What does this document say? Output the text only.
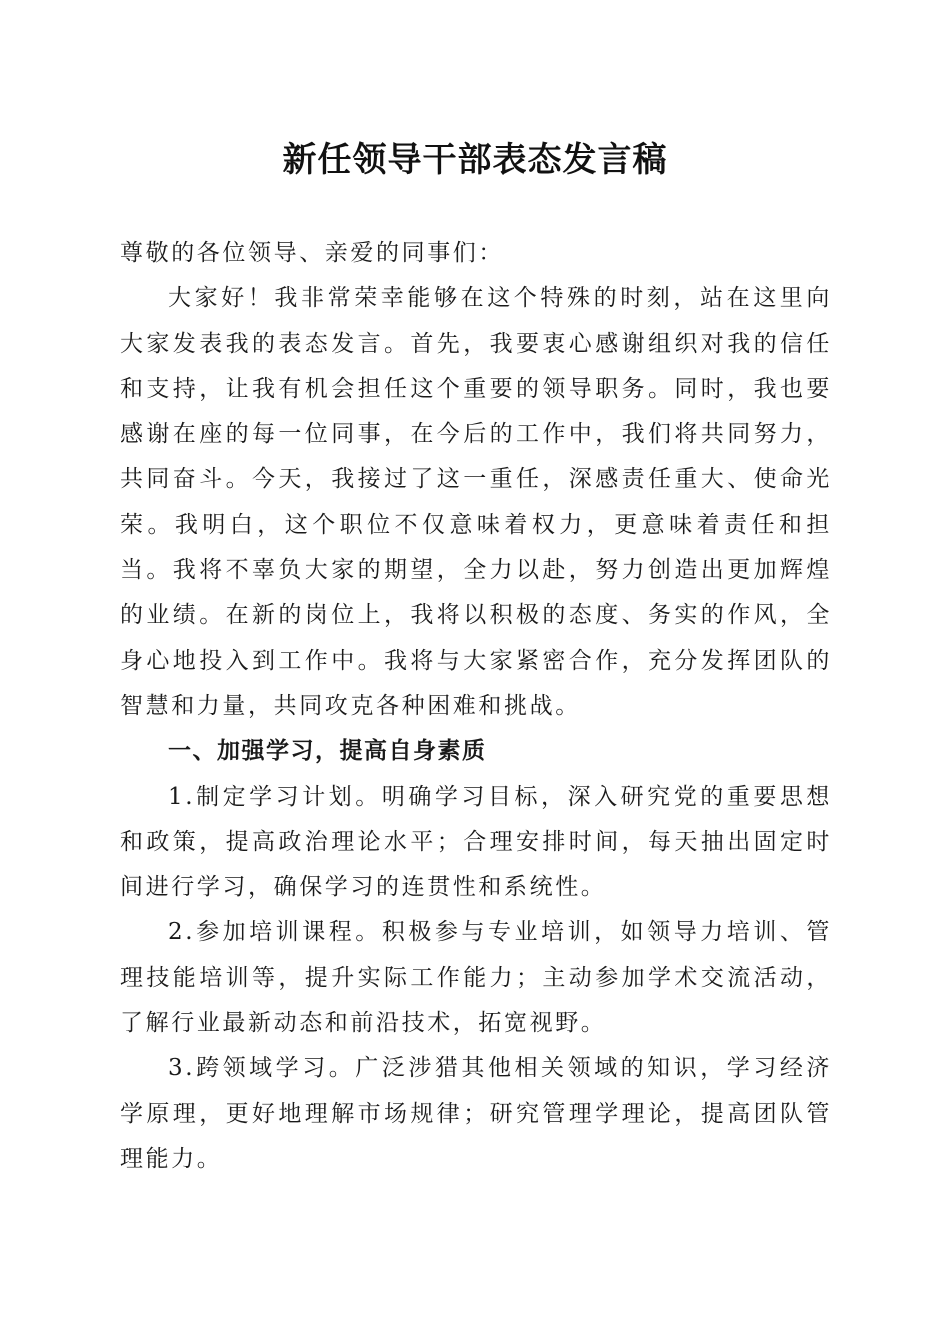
新任领导干部表态发言稿

尊敬的各位领导、亲爱的同事们：

大家好！我非常荣幸能够在这个特殊的时刻，站在这里向大家发表我的表态发言。首先，我要衷心感谢组织对我的信任和支持，让我有机会担任这个重要的领导职务。同时，我也要感谢在座的每一位同事，在今后的工作中，我们将共同努力，共同奋斗。今天，我接过了这一重任，深感责任重大、使命光荣。我明白，这个职位不仅意味着权力，更意味着责任和担当。我将不辜负大家的期望，全力以赴，努力创造出更加辉煌的业绩。在新的岗位上，我将以积极的态度、务实的作风，全身心地投入到工作中。我将与大家紧密合作，充分发挥团队的智慧和力量，共同攻克各种困难和挑战。

一、加强学习，提高自身素质

1.制定学习计划。明确学习目标，深入研究党的重要思想和政策，提高政治理论水平；合理安排时间，每天抽出固定时间进行学习，确保学习的连贯性和系统性。

2.参加培训课程。积极参与专业培训，如领导力培训、管理技能培训等，提升实际工作能力；主动参加学术交流活动，了解行业最新动态和前沿技术，拓宽视野。

3.跨领域学习。广泛涉猎其他相关领域的知识，学习经济学原理，更好地理解市场规律；研究管理学理论，提高团队管理能力。
